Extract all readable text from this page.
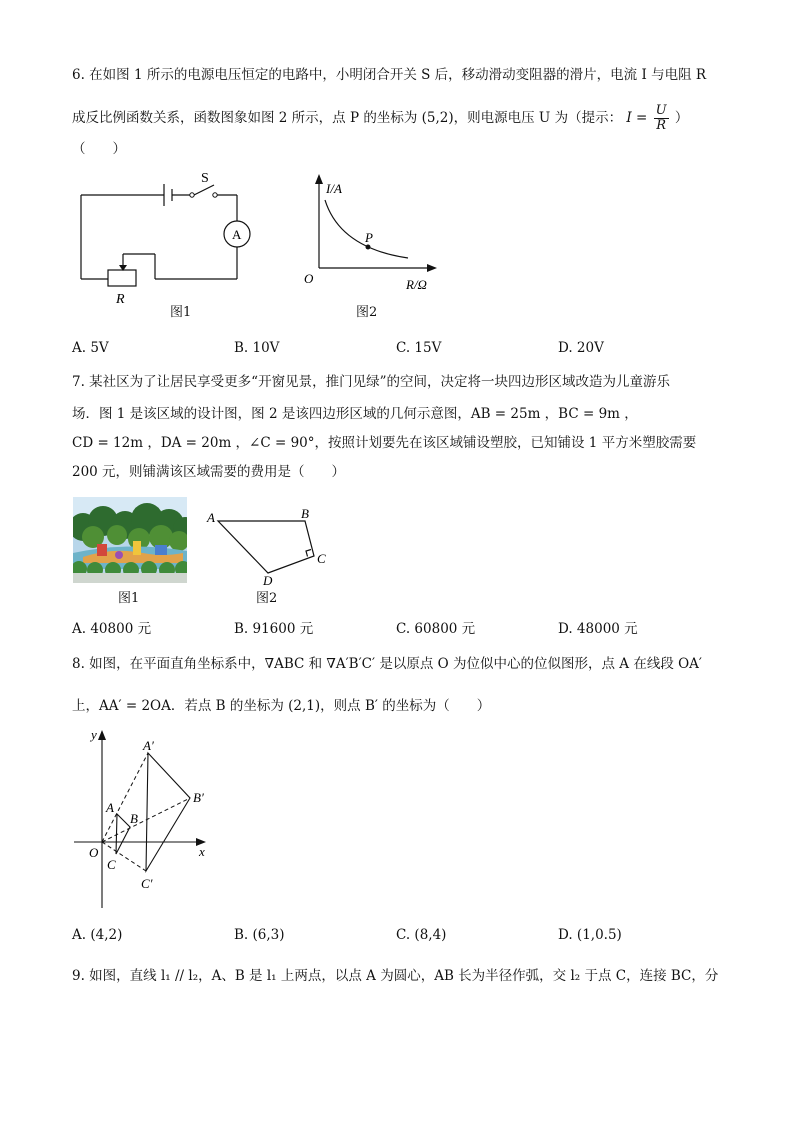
6. 在如图 1 所示的电源电压恒定的电路中，小明闭合开关 S 后，移动滑动变阻器的滑片，电流 I 与电阻 R
成反比例函数关系，函数图象如图 2 所示，点 P 的坐标为 (5,2)，则电源电压 U 为（提示： $I = \frac{U}{R}$ ）
（　　）
S
A
R
图1
I/A
R/Ω
O
P
图2
A. 5V	B. 10V	C. 15V	D. 20V
7. 某社区为了让居民享受更多“开窗见景，推门见绿”的空间，决定将一块四边形区域改造为儿童游乐
场．图 1 是该区域的设计图，图 2 是该四边形区域的几何示意图，AB = 25m ，BC = 9m ，
CD = 12m ，DA = 20m ，∠C = 90°，按照计划要先在该区域铺设塑胶，已知铺设 1 平方米塑胶需要
200 元，则铺满该区域需要的费用是（　　）
图1
A	B
C
D
图2
A. 40800 元	B. 91600 元	C. 60800 元	D. 48000 元
8. 如图，在平面直角坐标系中，∇ABC 和 ∇A′B′C′ 是以原点 O 为位似中心的位似图形，点 A 在线段 OA′
上，AA′ = 2OA．若点 B 的坐标为 (2,1)，则点 B′ 的坐标为（　　）
y
x
O
A
B
C
A′
B′
C′
A. (4,2)	B. (6,3)	C. (8,4)	D. (1,0.5)
9. 如图，直线 l₁ // l₂，A、B 是 l₁ 上两点，以点 A 为圆心，AB 长为半径作弧，交 l₂ 于点 C，连接 BC，分
